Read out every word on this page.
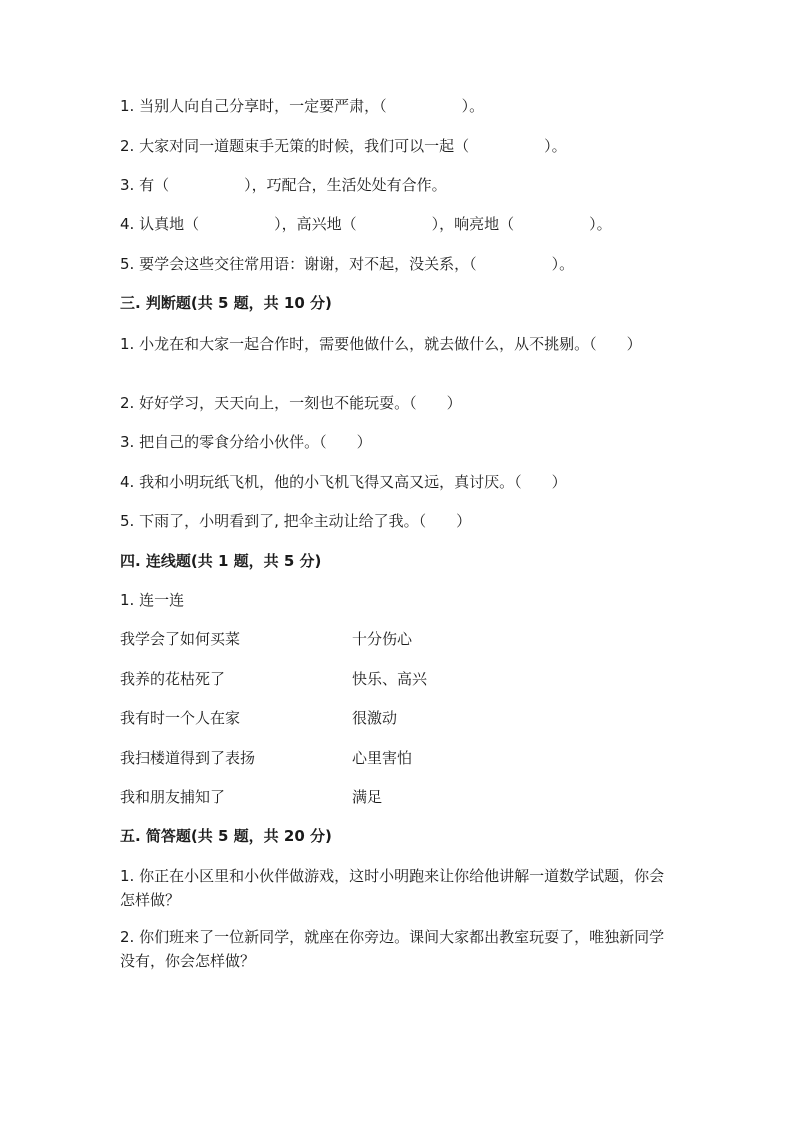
1. 当别人向自己分享时，一定要严肃，（　　　　　）。
2. 大家对同一道题束手无策的时候，我们可以一起（　　　　　）。
3. 有（　　　　　），巧配合，生活处处有合作。
4. 认真地（　　　　　），高兴地（　　　　　），响亮地（　　　　　）。
5. 要学会这些交往常用语：谢谢，对不起，没关系，（　　　　　）。
三. 判断题(共 5 题，共 10 分)
1. 小龙在和大家一起合作时，需要他做什么，就去做什么，从不挑剔。（　　）
2. 好好学习，天天向上，一刻也不能玩耍。（　　）
3. 把自己的零食分给小伙伴。（　　）
4. 我和小明玩纸飞机，他的小飞机飞得又高又远，真讨厌。（　　）
5. 下雨了，小明看到了, 把伞主动让给了我。（　　）
四. 连线题(共 1 题，共 5 分)
1. 连一连
我学会了如何买菜	十分伤心
我养的花枯死了	快乐、高兴
我有时一个人在家	很激动
我扫楼道得到了表扬	心里害怕
我和朋友捕知了	满足
五. 简答题(共 5 题，共 20 分)
1. 你正在小区里和小伙伴做游戏，这时小明跑来让你给他讲解一道数学试题，你会怎样做？
2. 你们班来了一位新同学，就座在你旁边。课间大家都出教室玩耍了，唯独新同学没有，你会怎样做？
